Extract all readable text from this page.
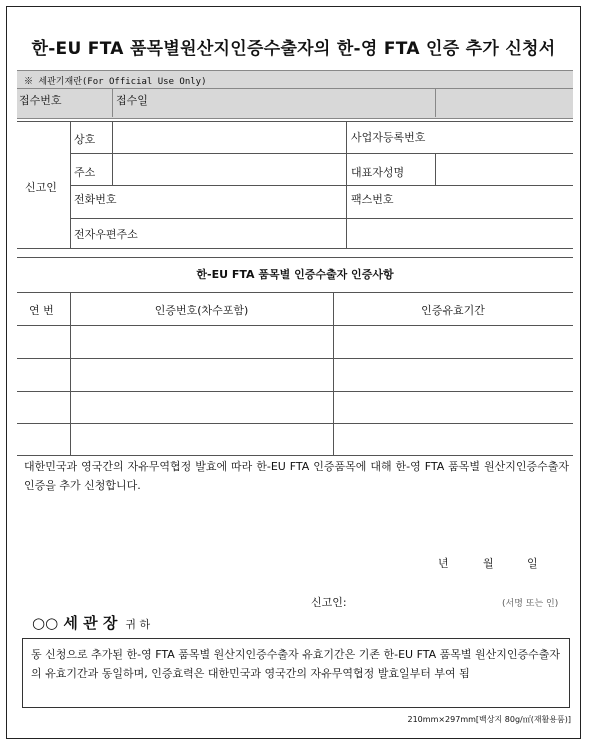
한-EU FTA 품목별원산지인증수출자의 한-영 FTA 인증 추가 신청서
※ 세관기재란(For Official Use Only)
접수번호	접수일
신고인
상호	사업자등록번호
주소	대표자성명
전화번호	팩스번호
전자우편주소
한-EU FTA 품목별 인증수출자 인증사항
연 번	인증번호(차수포함)	인증유효기간
대한민국과 영국간의 자유무역협정 발효에 따라 한-EU FTA 인증품목에 대해 한-영 FTA 품목별 원산지인증수출자 인증을 추가 신청합니다.
년	월	일
신고인:	(서명 또는 인)
○○ 세 관 장 귀 하
동 신청으로 추가된 한-영 FTA 품목별 원산지인증수출자 유효기간은 기존 한-EU FTA 품목별 원산지인증수출자의 유효기간과 동일하며, 인증효력은 대한민국과 영국간의 자유무역협정 발효일부터 부여 됨
210mm×297mm[백상지 80g/㎡(재활용품)]
